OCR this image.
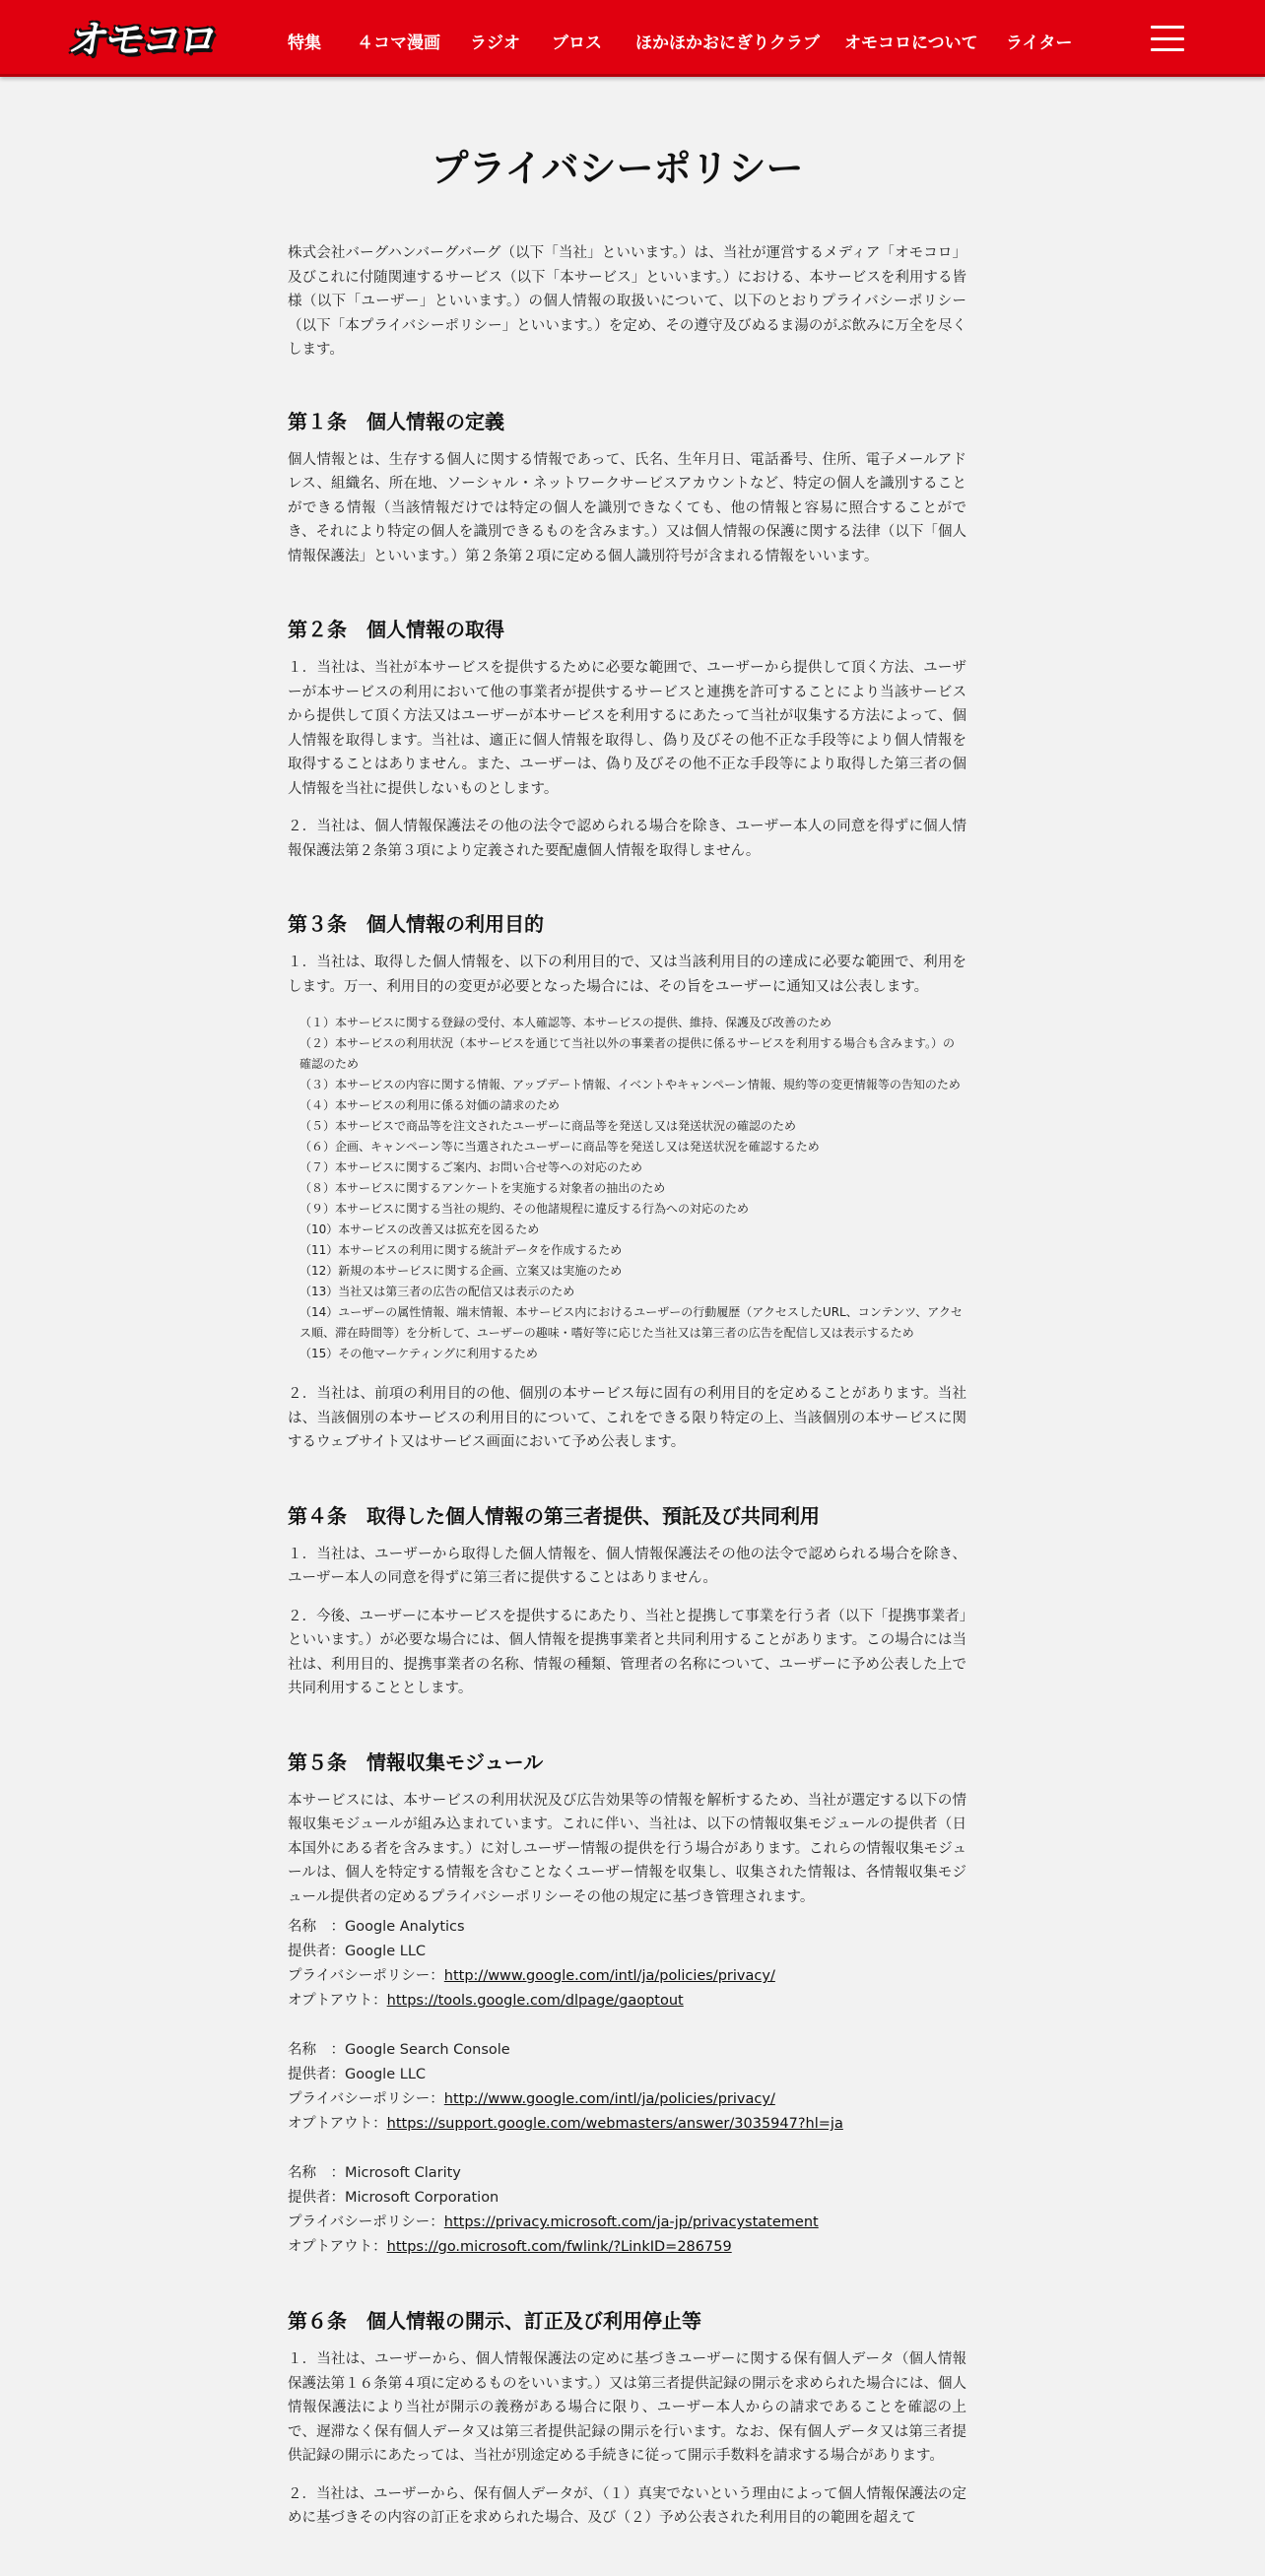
オモコロ	特集 ４コマ漫画 ラジオ ブロス ほかほかおにぎりクラブ オモコロについて ライター
プライバシーポリシー

株式会社バーグハンバーグバーグ（以下「当社」といいます。）は、当社が運営するメディア「オモコロ」及びこれに付随関連するサービス（以下「本サービス」といいます。）における、本サービスを利用する皆様（以下「ユーザー」といいます。）の個人情報の取扱いについて、以下のとおりプライバシーポリシー（以下「本プライバシーポリシー」といいます。）を定め、その遵守及びぬるま湯のがぶ飲みに万全を尽くします。

第１条　個人情報の定義

個人情報とは、生存する個人に関する情報であって、氏名、生年月日、電話番号、住所、電子メールアドレス、組織名、所在地、ソーシャル・ネットワークサービスアカウントなど、特定の個人を識別することができる情報（当該情報だけでは特定の個人を識別できなくても、他の情報と容易に照合することができ、それにより特定の個人を識別できるものを含みます。）又は個人情報の保護に関する法律（以下「個人情報保護法」といいます。）第２条第２項に定める個人識別符号が含まれる情報をいいます。

第２条　個人情報の取得

１．当社は、当社が本サービスを提供するために必要な範囲で、ユーザーから提供して頂く方法、ユーザーが本サービスの利用において他の事業者が提供するサービスと連携を許可することにより当該サービスから提供して頂く方法又はユーザーが本サービスを利用するにあたって当社が収集する方法によって、個人情報を取得します。当社は、適正に個人情報を取得し、偽り及びその他不正な手段等により個人情報を取得することはありません。また、ユーザーは、偽り及びその他不正な手段等により取得した第三者の個人情報を当社に提供しないものとします。

２．当社は、個人情報保護法その他の法令で認められる場合を除き、ユーザー本人の同意を得ずに個人情報保護法第２条第３項により定義された要配慮個人情報を取得しません。

第３条　個人情報の利用目的

１．当社は、取得した個人情報を、以下の利用目的で、又は当該利用目的の達成に必要な範囲で、利用をします。万一、利用目的の変更が必要となった場合には、その旨をユーザーに通知又は公表します。

（１）本サービスに関する登録の受付、本人確認等、本サービスの提供、維持、保護及び改善のため
（２）本サービスの利用状況（本サービスを通じて当社以外の事業者の提供に係るサービスを利用する場合も含みます。）の確認のため
（３）本サービスの内容に関する情報、アップデート情報、イベントやキャンペーン情報、規約等の変更情報等の告知のため
（４）本サービスの利用に係る対価の請求のため
（５）本サービスで商品等を注文されたユーザーに商品等を発送し又は発送状況の確認のため
（６）企画、キャンペーン等に当選されたユーザーに商品等を発送し又は発送状況を確認するため
（７）本サービスに関するご案内、お問い合せ等への対応のため
（８）本サービスに関するアンケートを実施する対象者の抽出のため
（９）本サービスに関する当社の規約、その他諸規程に違反する行為への対応のため
（10）本サービスの改善又は拡充を図るため
（11）本サービスの利用に関する統計データを作成するため
（12）新規の本サービスに関する企画、立案又は実施のため
（13）当社又は第三者の広告の配信又は表示のため
（14）ユーザーの属性情報、端末情報、本サービス内におけるユーザーの行動履歴（アクセスしたURL、コンテンツ、アクセス順、滞在時間等）を分析して、ユーザーの趣味・嗜好等に応じた当社又は第三者の広告を配信し又は表示するため
（15）その他マーケティングに利用するため

２．当社は、前項の利用目的の他、個別の本サービス毎に固有の利用目的を定めることがあります。当社は、当該個別の本サービスの利用目的について、これをできる限り特定の上、当該個別の本サービスに関するウェブサイト又はサービス画面において予め公表します。

第４条　取得した個人情報の第三者提供、預託及び共同利用

１．当社は、ユーザーから取得した個人情報を、個人情報保護法その他の法令で認められる場合を除き、ユーザー本人の同意を得ずに第三者に提供することはありません。

２．今後、ユーザーに本サービスを提供するにあたり、当社と提携して事業を行う者（以下「提携事業者」といいます。）が必要な場合には、個人情報を提携事業者と共同利用することがあります。この場合には当社は、利用目的、提携事業者の名称、情報の種類、管理者の名称について、ユーザーに予め公表した上で共同利用することとします。

第５条　情報収集モジュール

本サービスには、本サービスの利用状況及び広告効果等の情報を解析するため、当社が選定する以下の情報収集モジュールが組み込まれています。これに伴い、当社は、以下の情報収集モジュールの提供者（日本国外にある者を含みます。）に対しユーザー情報の提供を行う場合があります。これらの情報収集モジュールは、個人を特定する情報を含むことなくユーザー情報を収集し、収集された情報は、各情報収集モジュール提供者の定めるプライバシーポリシーその他の規定に基づき管理されます。

名称　：Google Analytics
提供者：Google LLC
プライバシーポリシー：http://www.google.com/intl/ja/policies/privacy/
オプトアウト：https://tools.google.com/dlpage/gaoptout
名称　：Google Search Console
提供者：Google LLC
プライバシーポリシー：http://www.google.com/intl/ja/policies/privacy/
オプトアウト：https://support.google.com/webmasters/answer/3035947?hl=ja
名称　：Microsoft Clarity
提供者：Microsoft Corporation
プライバシーポリシー：https://privacy.microsoft.com/ja-jp/privacystatement
オプトアウト：https://go.microsoft.com/fwlink/?LinkID=286759
第６条　個人情報の開示、訂正及び利用停止等

１．当社は、ユーザーから、個人情報保護法の定めに基づきユーザーに関する保有個人データ（個人情報保護法第１６条第４項に定めるものをいいます。）又は第三者提供記録の開示を求められた場合には、個人情報保護法により当社が開示の義務がある場合に限り、ユーザー本人からの請求であることを確認の上で、遅滞なく保有個人データ又は第三者提供記録の開示を行います。なお、保有個人データ又は第三者提供記録の開示にあたっては、当社が別途定める手続きに従って開示手数料を請求する場合があります。

２．当社は、ユーザーから、保有個人データが、（１）真実でないという理由によって個人情報保護法の定めに基づきその内容の訂正を求められた場合、及び（２）予め公表された利用目的の範囲を超えて
